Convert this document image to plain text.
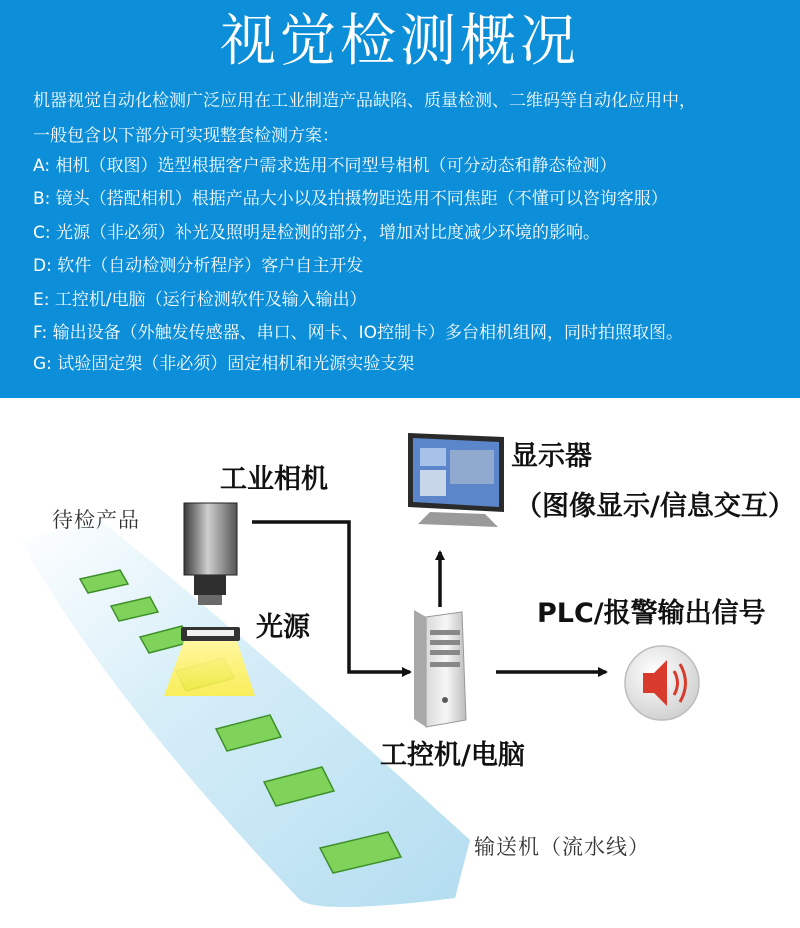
视觉检测概况
机器视觉自动化检测广泛应用在工业制造产品缺陷、质量检测、二维码等自动化应用中，
一般包含以下部分可实现整套检测方案：
A: 相机（取图）选型根据客户需求选用不同型号相机（可分动态和静态检测）
B: 镜头（搭配相机）根据产品大小以及拍摄物距选用不同焦距（不懂可以咨询客服）
C: 光源（非必须）补光及照明是检测的部分，增加对比度减少环境的影响。
D: 软件（自动检测分析程序）客户自主开发
E: 工控机/电脑（运行检测软件及输入输出）
F: 输出设备（外触发传感器、串口、网卡、IO控制卡）多台相机组网，同时拍照取图。
G: 试验固定架（非必须）固定相机和光源实验支架
待检产品
工业相机
光源
显示器
（图像显示/信息交互）
PLC/报警输出信号
工控机/电脑
输送机（流水线）
